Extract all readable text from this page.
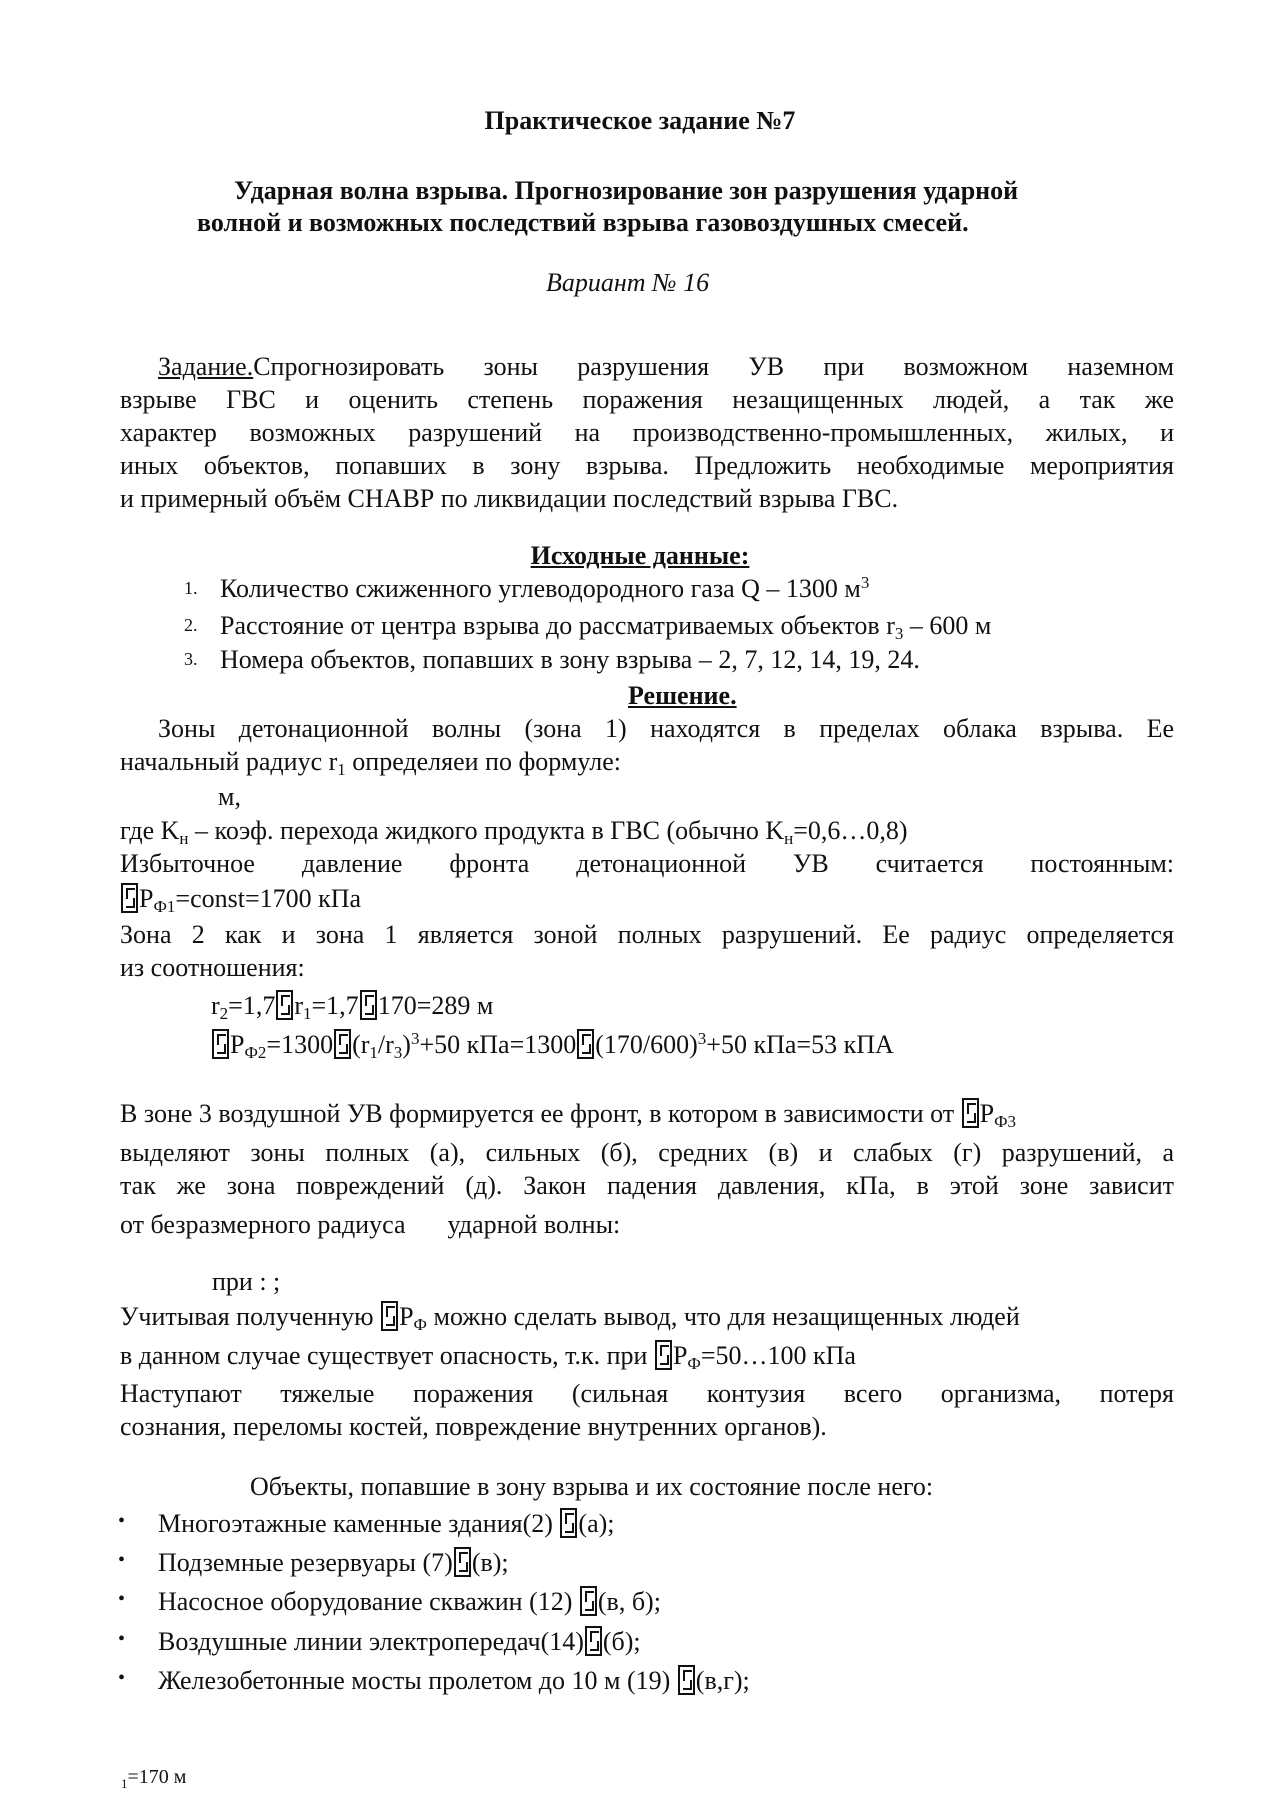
Практическое задание №7
Ударная волна взрыва. Прогнозирование зон разрушения ударной
волной и возможных последствий взрыва газовоздушных смесей.
Вариант № 16
Задание.Спрогнозировать зоны разрушения УВ при возможном наземном
взрыве ГВС и оценить степень поражения незащищенных людей, а так же
характер возможных разрушений на производственно-промышленных, жилых, и
иных объектов, попавших в зону взрыва. Предложить необходимые мероприятия
и примерный объём СНАВР по ликвидации последствий взрыва ГВС.
Исходные данные:
1. Количество сжиженного углеводородного газа Q – 1300 $м^3$
2. Расстояние от центра взрыва до рассматриваемых объектов $r_3 - 600$ м
3. Номера объектов, попавших в зону взрыва – 2, 7, 12, 14, 19, 24.
Решение.
Зоны детонационной волны (зона 1) находятся в пределах облака взрыва. Ее
начальный радиус $r_1$ определяеи по формуле:
м,
где $K_н$ – коэф. перехода жидкого продукта в ГВС (обычно $K_н=0,6\dots 0,8$)
Избыточное давление фронта детонационной УВ считается постоянным:
$P_{Ф1}=const=1700$ кПа
Зона 2 как и зона 1 является зоной полных разрушений. Ее радиус определяется
из соотношения:
$r_2=1,7$ $r_1=1,7$ 170=289 м
$P_{Ф2}=1300$ $(r_1/r_3)^3+50$ кПа=1300 $(170/600)^3+50$ кПа=53 кПА
В зоне 3 воздушной УВ формируется ее фронт, в котором в зависимости от $P_{Ф3}$
выделяют зоны полных (а), сильных (б), средних (в) и слабых (г) разрушений, а
так же зона повреждений (д). Закон падения давления, кПа, в этой зоне зависит
от безразмерного радиуса ударной волны:
при : ;
Учитывая полученную $P_Ф$ можно сделать вывод, что для незащищенных людей
в данном случае существует опасность, т.к. при $P_Ф=50\dots 100$ кПа
Наступают тяжелые поражения (сильная контузия всего организма, потеря
сознания, переломы костей, повреждение внутренних органов).
Объекты, попавшие в зону взрыва и их состояние после него:
• Многоэтажные каменные здания(2) (а);
• Подземные резервуары (7) (в);
• Насосное оборудование скважин (12) (в, б);
• Воздушные линии электропередач(14) (б);
• Железобетонные мосты пролетом до 10 м (19) (в,г);
$_1$=170 м
